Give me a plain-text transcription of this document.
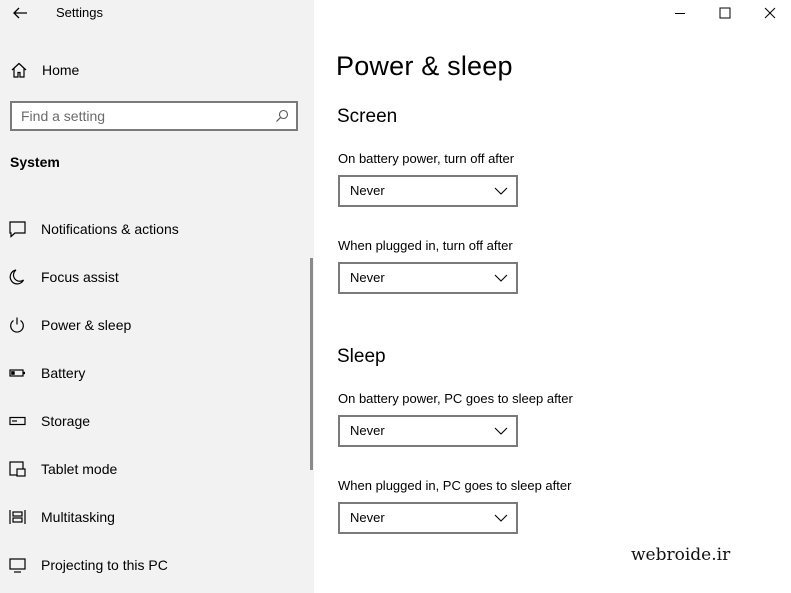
Settings
Home
Find a setting
System
Notifications & actions
Focus assist
Power & sleep
Battery
Storage
Tablet mode
Multitasking
Projecting to this PC
Power & sleep
Screen
On battery power, turn off after
Never
When plugged in, turn off after
Never
Sleep
On battery power, PC goes to sleep after
Never
When plugged in, PC goes to sleep after
Never
webroide.ir
